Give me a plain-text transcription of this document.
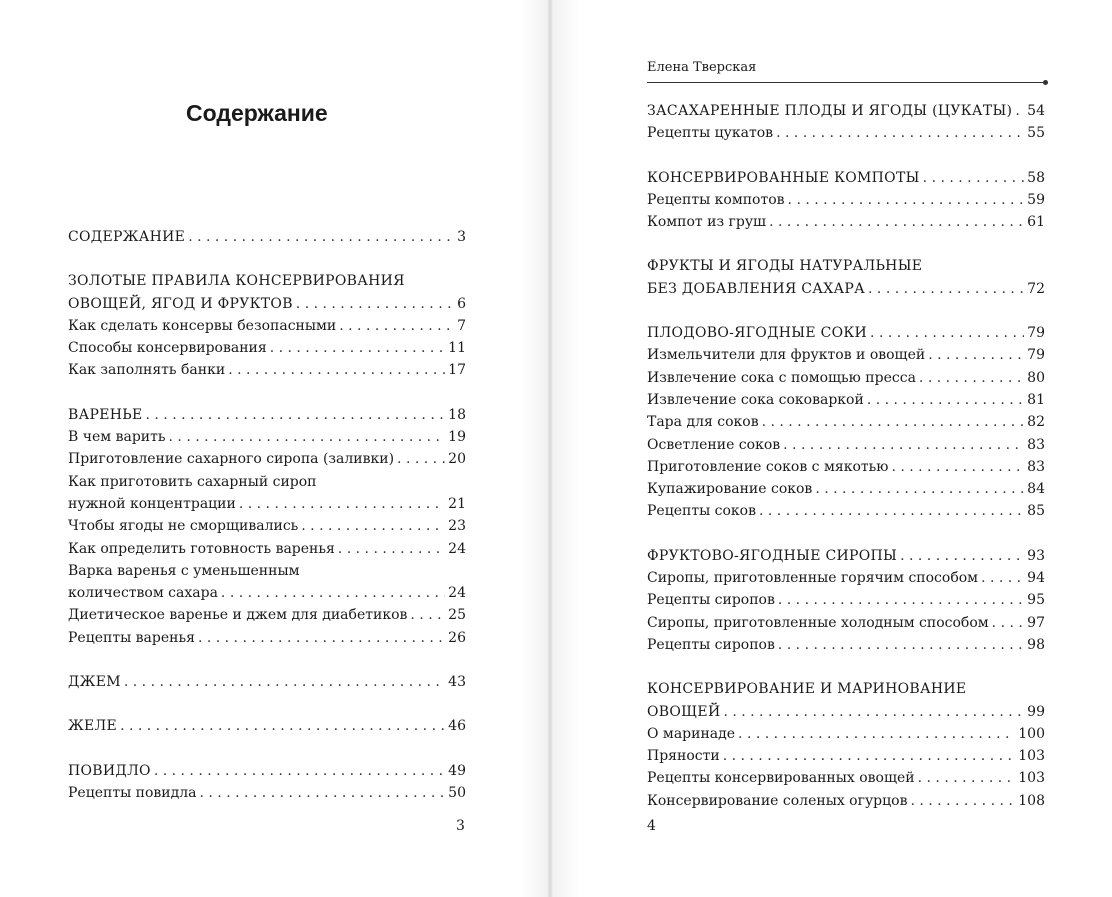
Содержание
СОДЕРЖАНИЕ . . .	3
ЗОЛОТЫЕ ПРАВИЛА КОНСЕРВИРОВАНИЯ
ОВОЩЕЙ, ЯГОД И ФРУКТОВ . . .	6
Как сделать консервы безопасными . . .	7
Способы консервирования . . .	11
Как заполнять банки . . .	17
ВАРЕНЬЕ . . .	18
В чем варить . . .	19
Приготовление сахарного сиропа (заливки) . . .	20
Как приготовить сахарный сироп
нужной концентрации . . .	21
Чтобы ягоды не сморщивались . . .	23
Как определить готовность варенья . . .	24
Варка варенья с уменьшенным
количеством сахара . . .	24
Диетическое варенье и джем для диабетиков . . .	25
Рецепты варенья . . .	26
ДЖЕМ . . .	43
ЖЕЛЕ . . .	46
ПОВИДЛО . . .	49
Рецепты повидла . . .	50
3
Елена Тверская
ЗАСАХАРЕННЫЕ ПЛОДЫ И ЯГОДЫ (ЦУКАТЫ) . . . 54
Рецепты цукатов . . .	55
КОНСЕРВИРОВАННЫЕ КОМПОТЫ . . .	58
Рецепты компотов . . .	59
Компот из груш . . .	61
ФРУКТЫ И ЯГОДЫ НАТУРАЛЬНЫЕ
БЕЗ ДОБАВЛЕНИЯ САХАРА . . .	72
ПЛОДОВО-ЯГОДНЫЕ СОКИ . . .	79
Измельчители для фруктов и овощей . . .	79
Извлечение сока с помощью пресса . . .	80
Извлечение сока соковаркой . . .	81
Тара для соков . . .	82
Осветление соков . . .	83
Приготовление соков с мякотью . . .	83
Купажирование соков . . .	84
Рецепты соков . . .	85
ФРУКТОВО-ЯГОДНЫЕ СИРОПЫ . . .	93
Сиропы, приготовленные горячим способом . . .	94
Рецепты сиропов . . .	95
Сиропы, приготовленные холодным способом . . .	97
Рецепты сиропов . . .	98
КОНСЕРВИРОВАНИЕ И МАРИНОВАНИЕ
ОВОЩЕЙ . . .	99
О маринаде . . .	100
Пряности . . .	103
Рецепты консервированных овощей . . .	103
Консервирование соленых огурцов . . .	108
4
